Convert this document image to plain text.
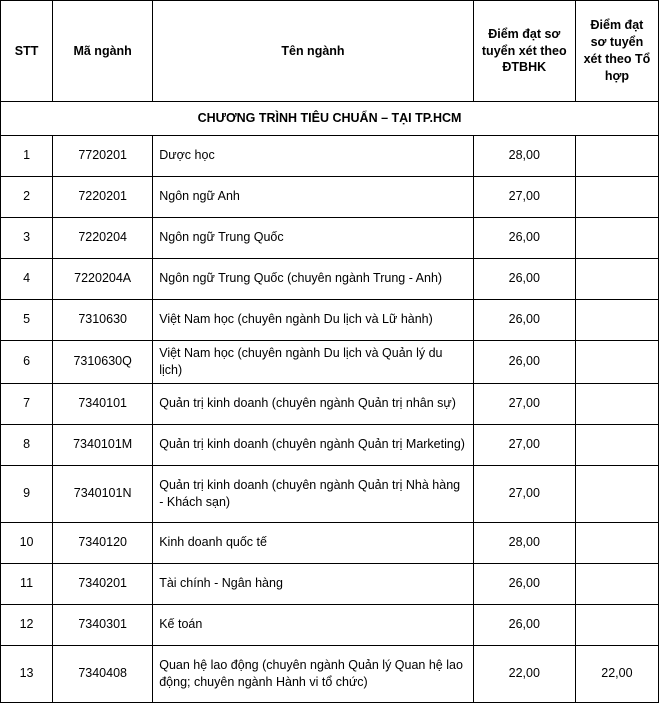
STT	Mã ngành	Tên ngành	Điểm đạt sơ tuyển xét theo ĐTBHK	Điểm đạt sơ tuyển xét theo Tổ hợp
CHƯƠNG TRÌNH TIÊU CHUẨN – TẠI TP.HCM				
1	7720201	Dược học	28,00	
2	7220201	Ngôn ngữ Anh	27,00	
3	7220204	Ngôn ngữ Trung Quốc	26,00	
4	7220204A	Ngôn ngữ Trung Quốc (chuyên ngành Trung - Anh)	26,00	
5	7310630	Việt Nam học (chuyên ngành Du lịch và Lữ hành)	26,00	
6	7310630Q	Việt Nam học (chuyên ngành Du lịch và Quản lý du lịch)	26,00	
7	7340101	Quản trị kinh doanh (chuyên ngành Quản trị nhân sự)	27,00	
8	7340101M	Quản trị kinh doanh (chuyên ngành Quản trị Marketing)	27,00	
9	7340101N	Quản trị kinh doanh (chuyên ngành Quản trị Nhà hàng - Khách sạn)	27,00	
10	7340120	Kinh doanh quốc tế	28,00	
11	7340201	Tài chính - Ngân hàng	26,00	
12	7340301	Kế toán	26,00	
13	7340408	Quan hệ lao động (chuyên ngành Quản lý Quan hệ lao động; chuyên ngành Hành vi tổ chức)	22,00	22,00
